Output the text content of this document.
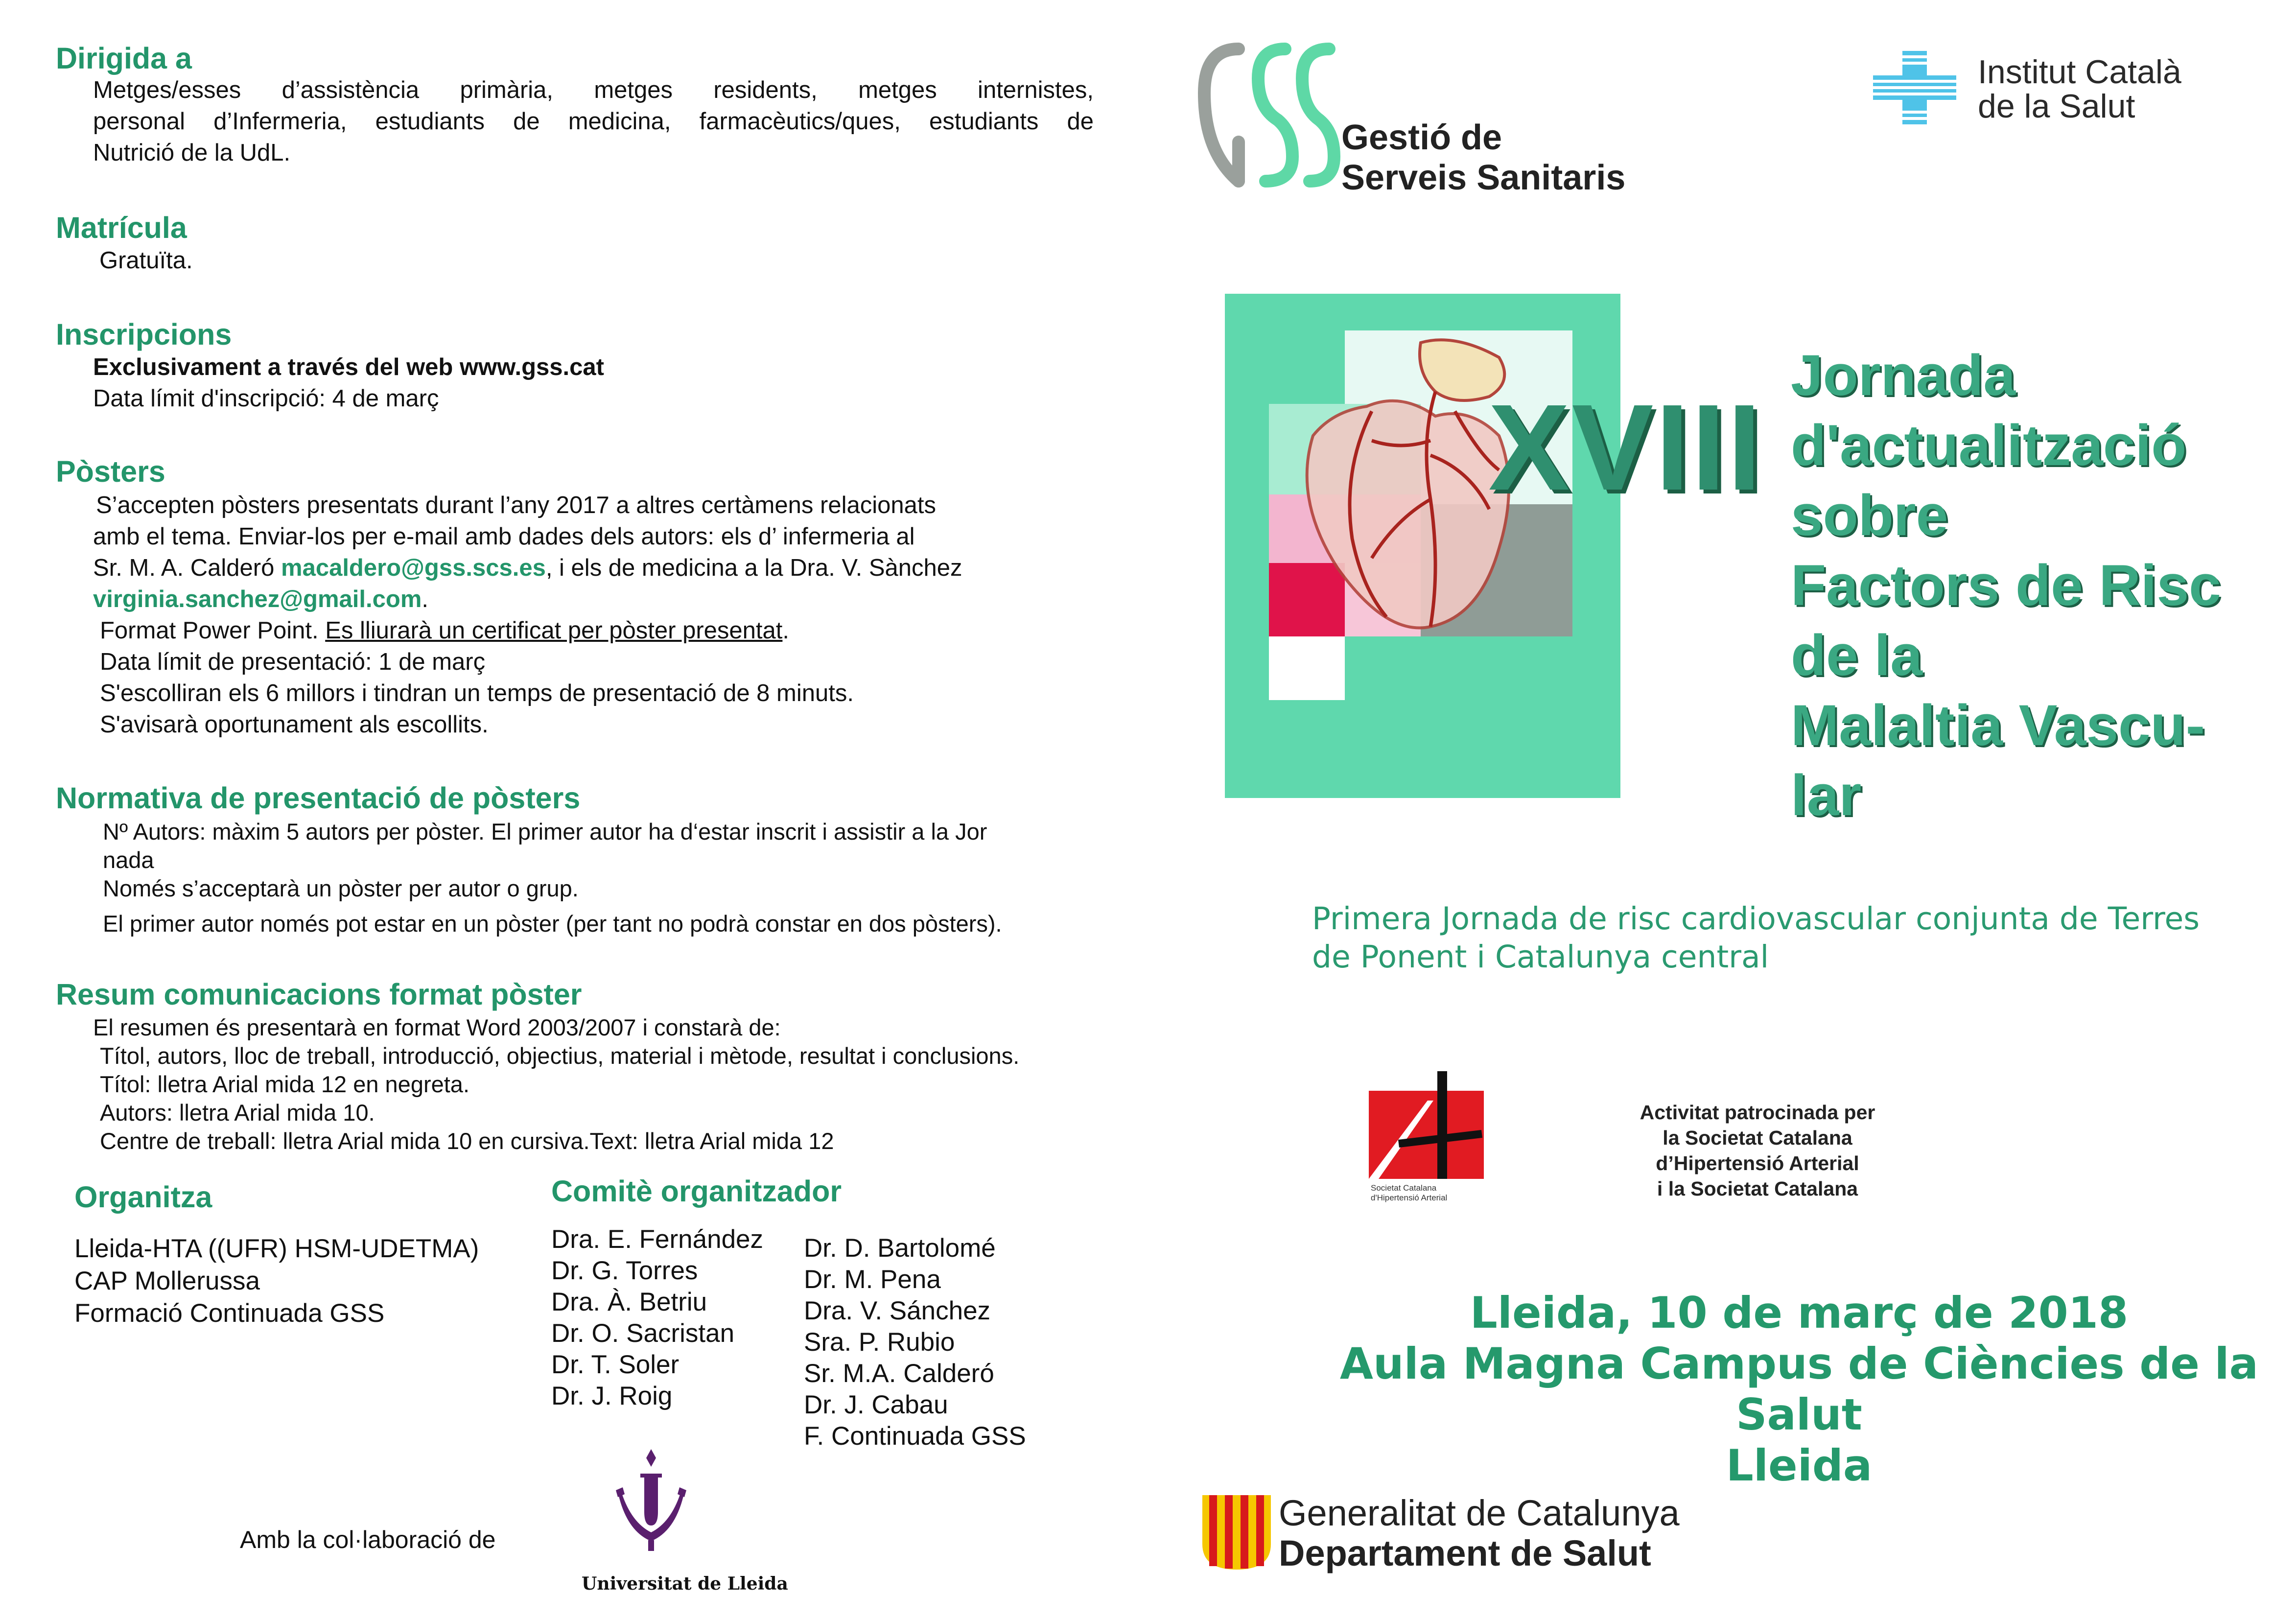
Dirigida a
Metges/esses d’assistència primària, metges residents, metges internistes,
personal d’Infermeria, estudiants de medicina, farmacèutics/ques, estudiants de
Nutrició de la UdL.
Matrícula
Gratuïta.
Inscripcions
Exclusivament a través del web www.gss.cat
Data límit d'inscripció: 4 de març
Pòsters
S’accepten pòsters presentats durant l’any 2017 a altres certàmens relacionats
amb el tema. Enviar-los per e-mail amb dades dels autors: els d’ infermeria al
Sr. M. A. Calderó macaldero@gss.scs.es, i els de medicina a la Dra. V. Sànchez
virginia.sanchez@gmail.com.
Format Power Point. Es lliurarà un certificat per pòster presentat.
Data límit de presentació: 1 de març
S'escolliran els 6 millors i tindran un temps de presentació de 8 minuts.
S'avisarà oportunament als escollits.
Normativa de presentació de pòsters
Nº Autors: màxim 5 autors per pòster. El primer autor ha d‘estar inscrit i assistir a la Jor
nada
Només s’acceptarà un pòster per autor o grup.
El primer autor només pot estar en un pòster (per tant no podrà constar en dos pòsters).
Resum comunicacions format pòster
El resumen és presentarà en format Word 2003/2007 i constarà de:
Títol, autors, lloc de treball, introducció, objectius, material i mètode, resultat i conclusions.
Títol: lletra Arial mida 12 en negreta.
Autors: lletra Arial mida 10.
Centre de treball: lletra Arial mida 10 en cursiva.Text: lletra Arial mida 12
Organitza
Lleida-HTA ((UFR) HSM-UDETMA)
CAP Mollerussa
Formació Continuada GSS
Comitè organitzador
Dra. E. Fernández
Dr. G. Torres
Dra. À. Betriu
Dr. O. Sacristan
Dr. T. Soler
Dr. J. Roig
Dr. D. Bartolomé
Dr. M. Pena
Dra. V. Sánchez
Sra. P. Rubio
Sr. M.A. Calderó
Dr. J. Cabau
F. Continuada GSS
Amb la col·laboració de
Universitat de Lleida
Gestió de
Serveis Sanitaris
Institut Català
de la Salut
XVIII
Jornada
d'actualització
sobre
Factors de Risc
de la
Malaltia Vascu-
lar
Primera Jornada de risc cardiovascular conjunta de Terres
de Ponent i Catalunya central
Societat Catalana
d'Hipertensió Arterial
Activitat patrocinada per
la Societat Catalana
d’Hipertensió Arterial
i la Societat Catalana
Lleida, 10 de març de 2018
Aula Magna Campus de Ciències de la Salut
Lleida
Generalitat de Catalunya
Departament de Salut
